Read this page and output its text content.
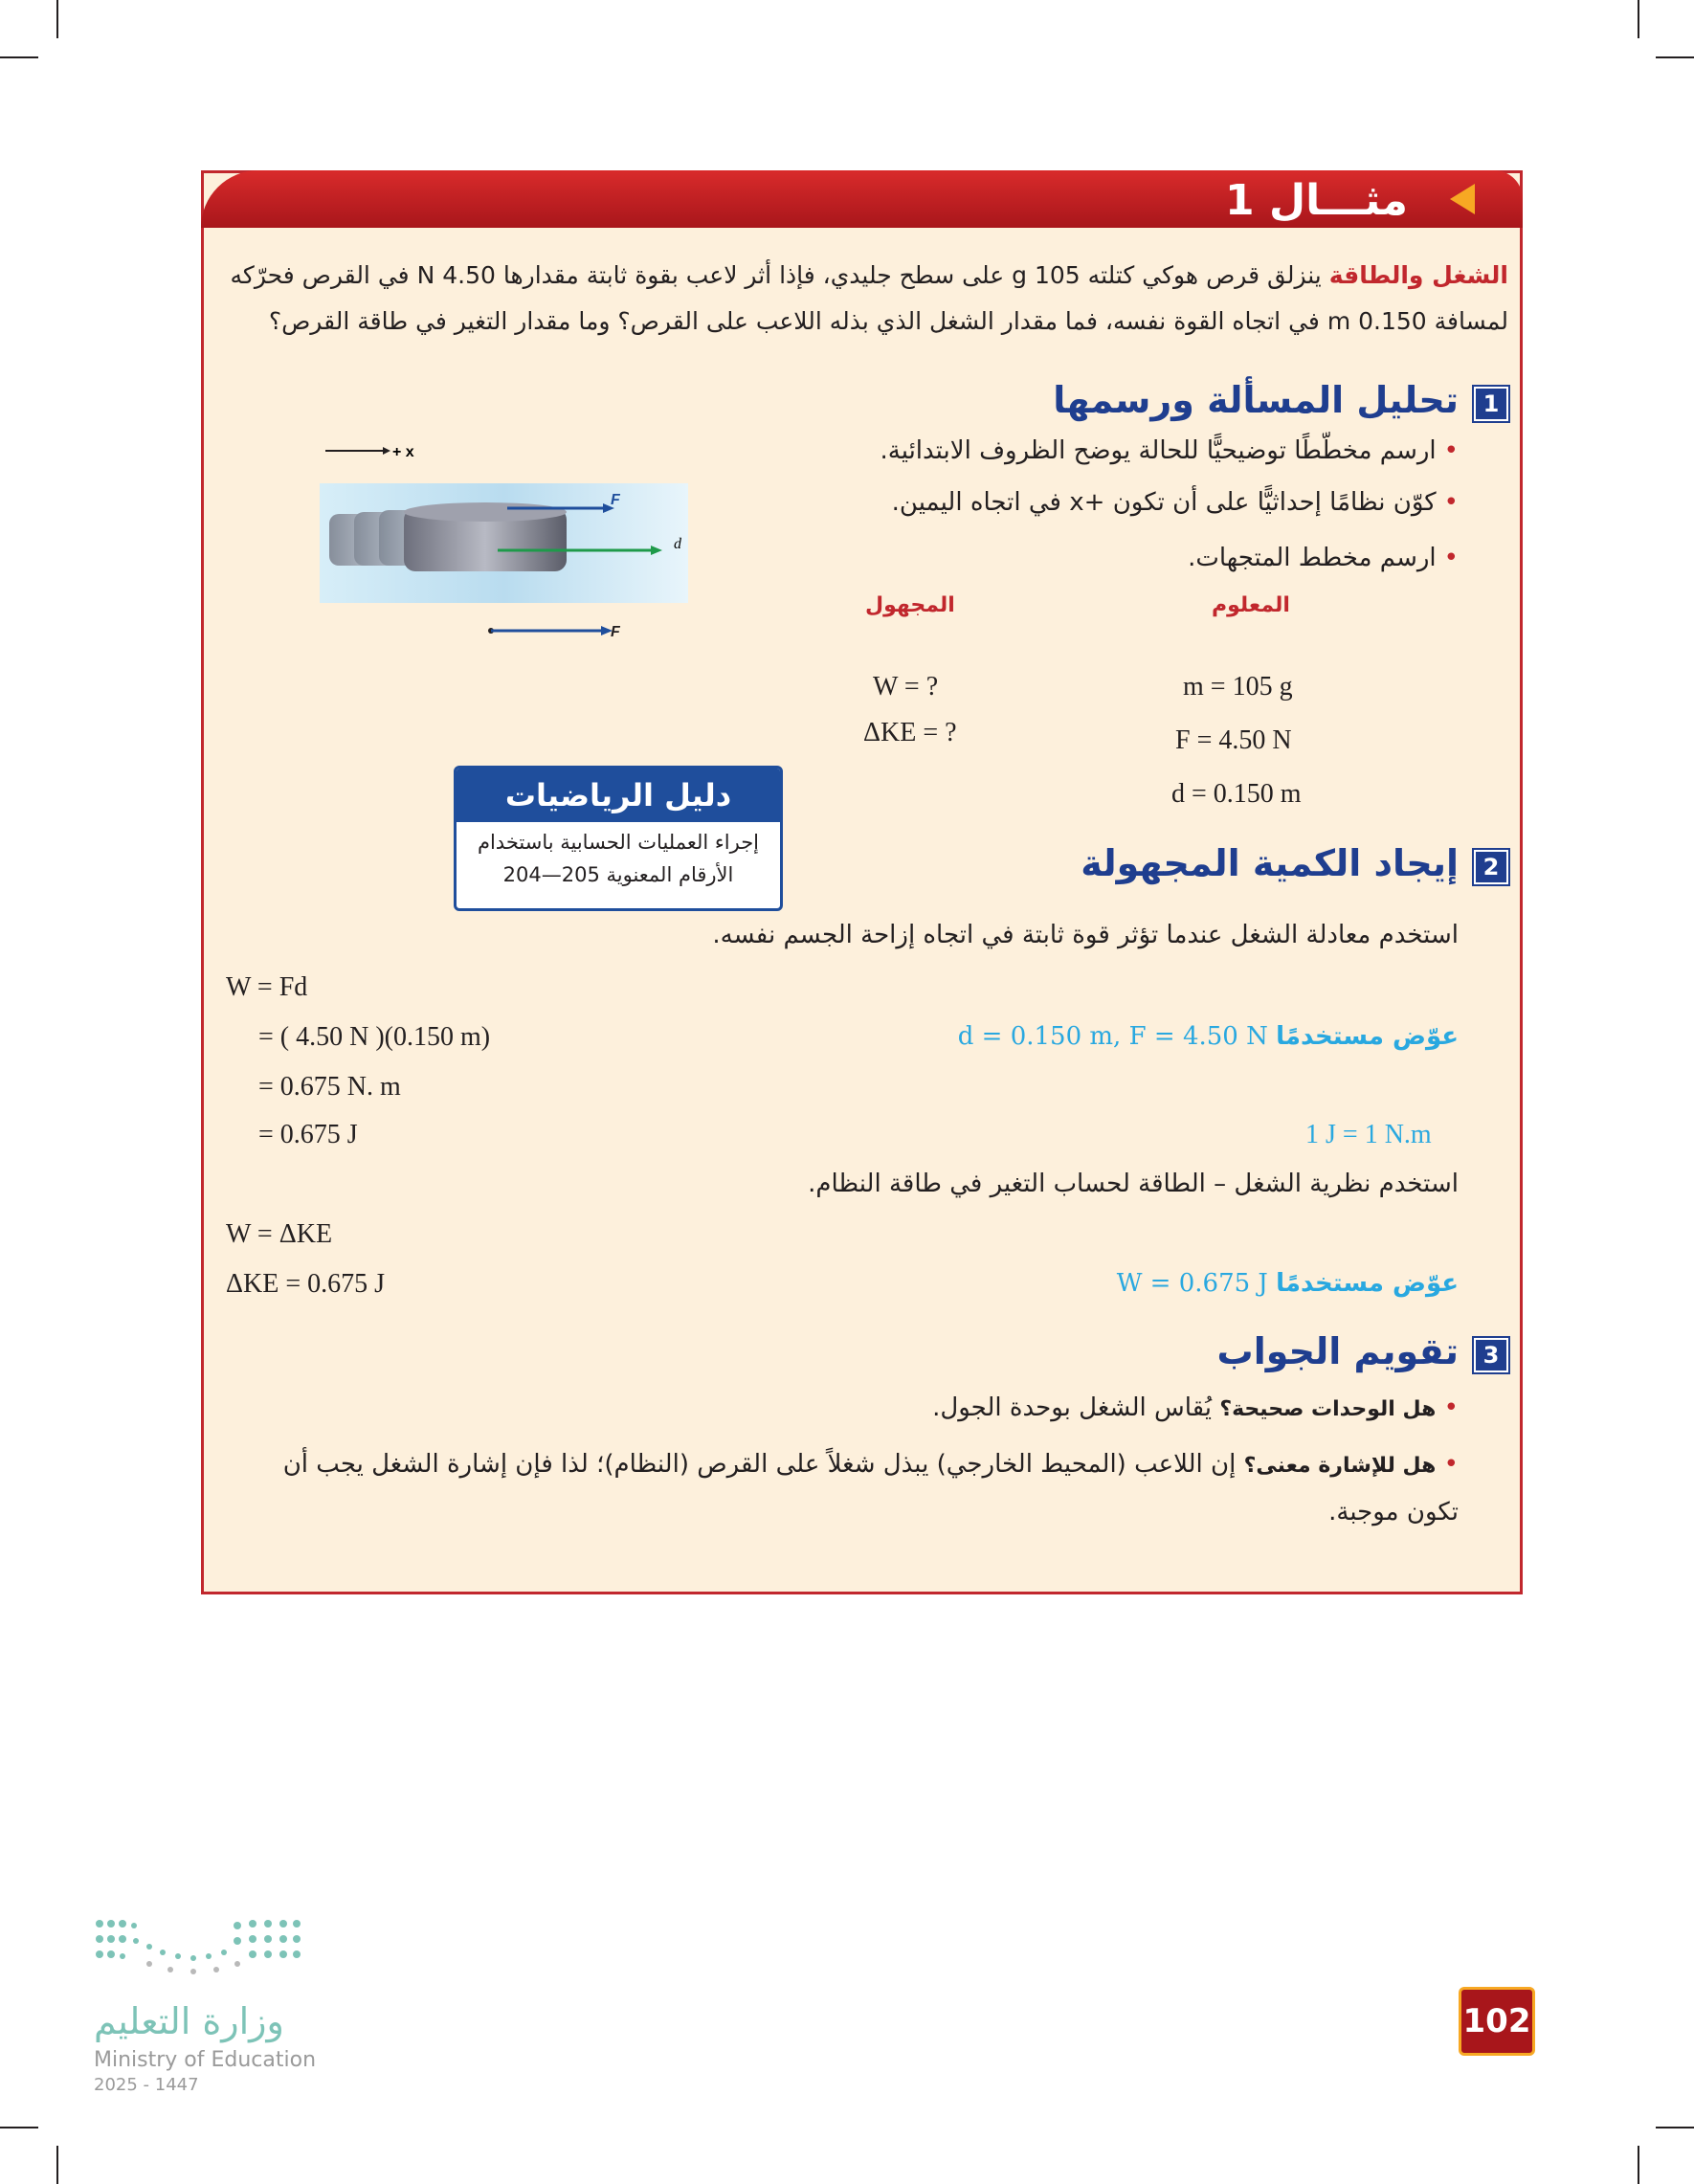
مثـــال 1
الشغل والطاقة ينزلق قرص هوكي كتلته 105 g على سطح جليدي، فإذا أثر لاعب بقوة ثابتة مقدارها 4.50 N في القرص فحرّكه لمسافة 0.150 m في اتجاه القوة نفسه، فما مقدار الشغل الذي بذله اللاعب على القرص؟ وما مقدار التغير في طاقة القرص؟
1
تحليل المسألة ورسمها
• ارسم مخطّطًا توضيحيًّا للحالة يوضح الظروف الابتدائية.
• كوّن نظامًا إحداثيًّا على أن تكون +x في اتجاه اليمين.
• ارسم مخطط المتجهات.
+ x
F
d
F
المعلوم
المجهول
m = 105 g
F = 4.50 N
d = 0.150 m
W = ?
ΔKE = ?
دليل الرياضيات
إجراء العمليات الحسابية باستخدام
الأرقام المعنوية 205—204	2
إيجاد الكمية المجهولة
استخدم معادلة الشغل عندما تؤثر قوة ثابتة في اتجاه إزاحة الجسم نفسه.
W = Fd
= ( 4.50 N )(0.150 m)
= 0.675 N. m
= 0.675 J
عوّض مستخدمًا d = 0.150 m, F = 4.50 N
1 J = 1 N.m
استخدم نظرية الشغل – الطاقة لحساب التغير في طاقة النظام.
W = ΔKE
ΔKE = 0.675 J	عوّض مستخدمًا W = 0.675 J
3
تقويم الجواب
• هل الوحدات صحيحة؟ يُقاس الشغل بوحدة الجول.
• هل للإشارة معنى؟ إن اللاعب (المحيط الخارجي) يبذل شغلاً على القرص (النظام)؛ لذا فإن إشارة الشغل يجب أن تكون موجبة.
وزارة التعليم
Ministry of Education
2025 - 1447
102
